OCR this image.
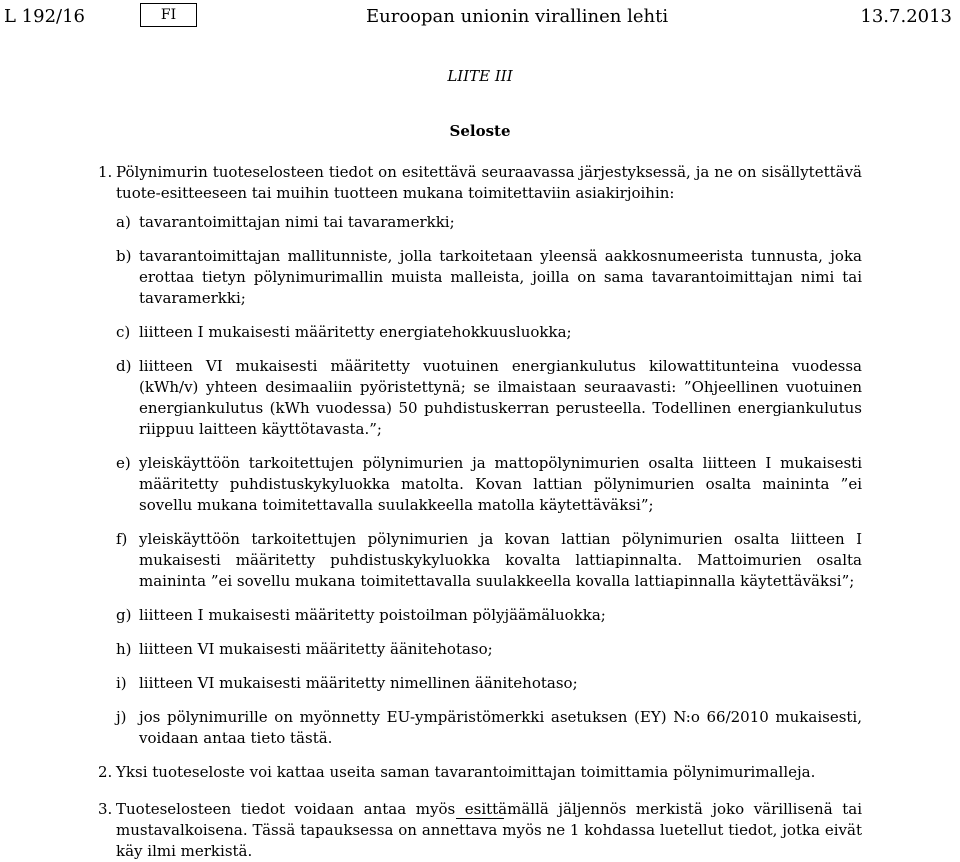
L 192/16	FI	Euroopan unionin virallinen lehti	13.7.2013
LIITE III
Seloste
1. Pölynimurin tuoteselosteen tiedot on esitettävä seuraavassa järjestyksessä, ja ne on sisällytettävä tuote-esitteeseen tai muihin tuotteen mukana toimitettaviin asiakirjoihin:
a) tavarantoimittajan nimi tai tavaramerkki;
b) tavarantoimittajan mallitunniste, jolla tarkoitetaan yleensä aakkosnumeerista tunnusta, joka erottaa tietyn pölynimurimallin muista malleista, joilla on sama tavarantoimittajan nimi tai tavaramerkki;
c) liitteen I mukaisesti määritetty energiatehokkuusluokka;
d) liitteen VI mukaisesti määritetty vuotuinen energiankulutus kilowattitunteina vuodessa (kWh/v) yhteen desimaaliin pyöristettynä; se ilmaistaan seuraavasti: ”Ohjeellinen vuotuinen energiankulutus (kWh vuodessa) 50 puhdistuskerran perusteella. Todellinen energiankulutus riippuu laitteen käyttötavasta.”;
e) yleiskäyttöön tarkoitettujen pölynimurien ja mattopölynimurien osalta liitteen I mukaisesti määritetty puhdistuskykyluokka matolta. Kovan lattian pölynimurien osalta maininta ”ei sovellu mukana toimitettavalla suulakkeella matolla käytettäväksi”;
f) yleiskäyttöön tarkoitettujen pölynimurien ja kovan lattian pölynimurien osalta liitteen I mukaisesti määritetty puhdistuskykyluokka kovalta lattiapinnalta. Mattoimurien osalta maininta ”ei sovellu mukana toimitettavalla suulakkeella kovalla lattiapinnalla käytettäväksi”;
g) liitteen I mukaisesti määritetty poistoilman pölyjäämäluokka;
h) liitteen VI mukaisesti määritetty äänitehotaso;
i) liitteen VI mukaisesti määritetty nimellinen äänitehotaso;
j) jos pölynimurille on myönnetty EU-ympäristömerkki asetuksen (EY) N:o 66/2010 mukaisesti, voidaan antaa tieto tästä.
2. Yksi tuoteseloste voi kattaa useita saman tavarantoimittajan toimittamia pölynimurimalleja.
3. Tuoteselosteen tiedot voidaan antaa myös esittämällä jäljennös merkistä joko värillisenä tai mustavalkoisena. Tässä tapauksessa on annettava myös ne 1 kohdassa luetellut tiedot, jotka eivät käy ilmi merkistä.
